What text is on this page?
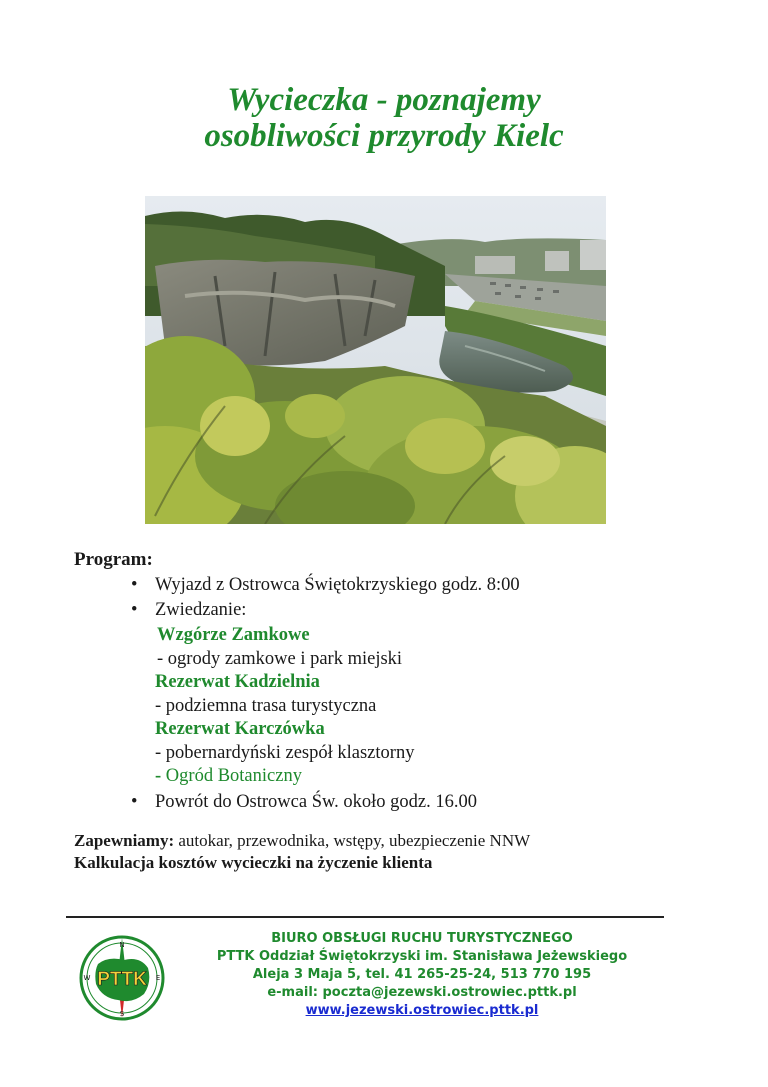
Wycieczka - poznajemy
osobliwości przyrody Kielc
Program:
• Wyjazd z Ostrowca Świętokrzyskiego godz. 8:00
• Zwiedzanie:
Wzgórze Zamkowe
- ogrody zamkowe i park miejski
Rezerwat Kadzielnia
- podziemna trasa turystyczna
Rezerwat Karczówka
- pobernardyński zespół klasztorny
- Ogród Botaniczny
• Powrót do Ostrowca Św. około godz. 16.00
Zapewniamy: autokar, przewodnika, wstępy, ubezpieczenie NNW
Kalkulacja kosztów wycieczki na życzenie klienta
PTTK
N
E
S
W
BIURO OBSŁUGI RUCHU TURYSTYCZNEGO
PTTK Oddział Świętokrzyski im. Stanisława Jeżewskiego
Aleja 3 Maja 5, tel. 41 265-25-24, 513 770 195
e-mail: poczta@jezewski.ostrowiec.pttk.pl
www.jezewski.ostrowiec.pttk.pl
